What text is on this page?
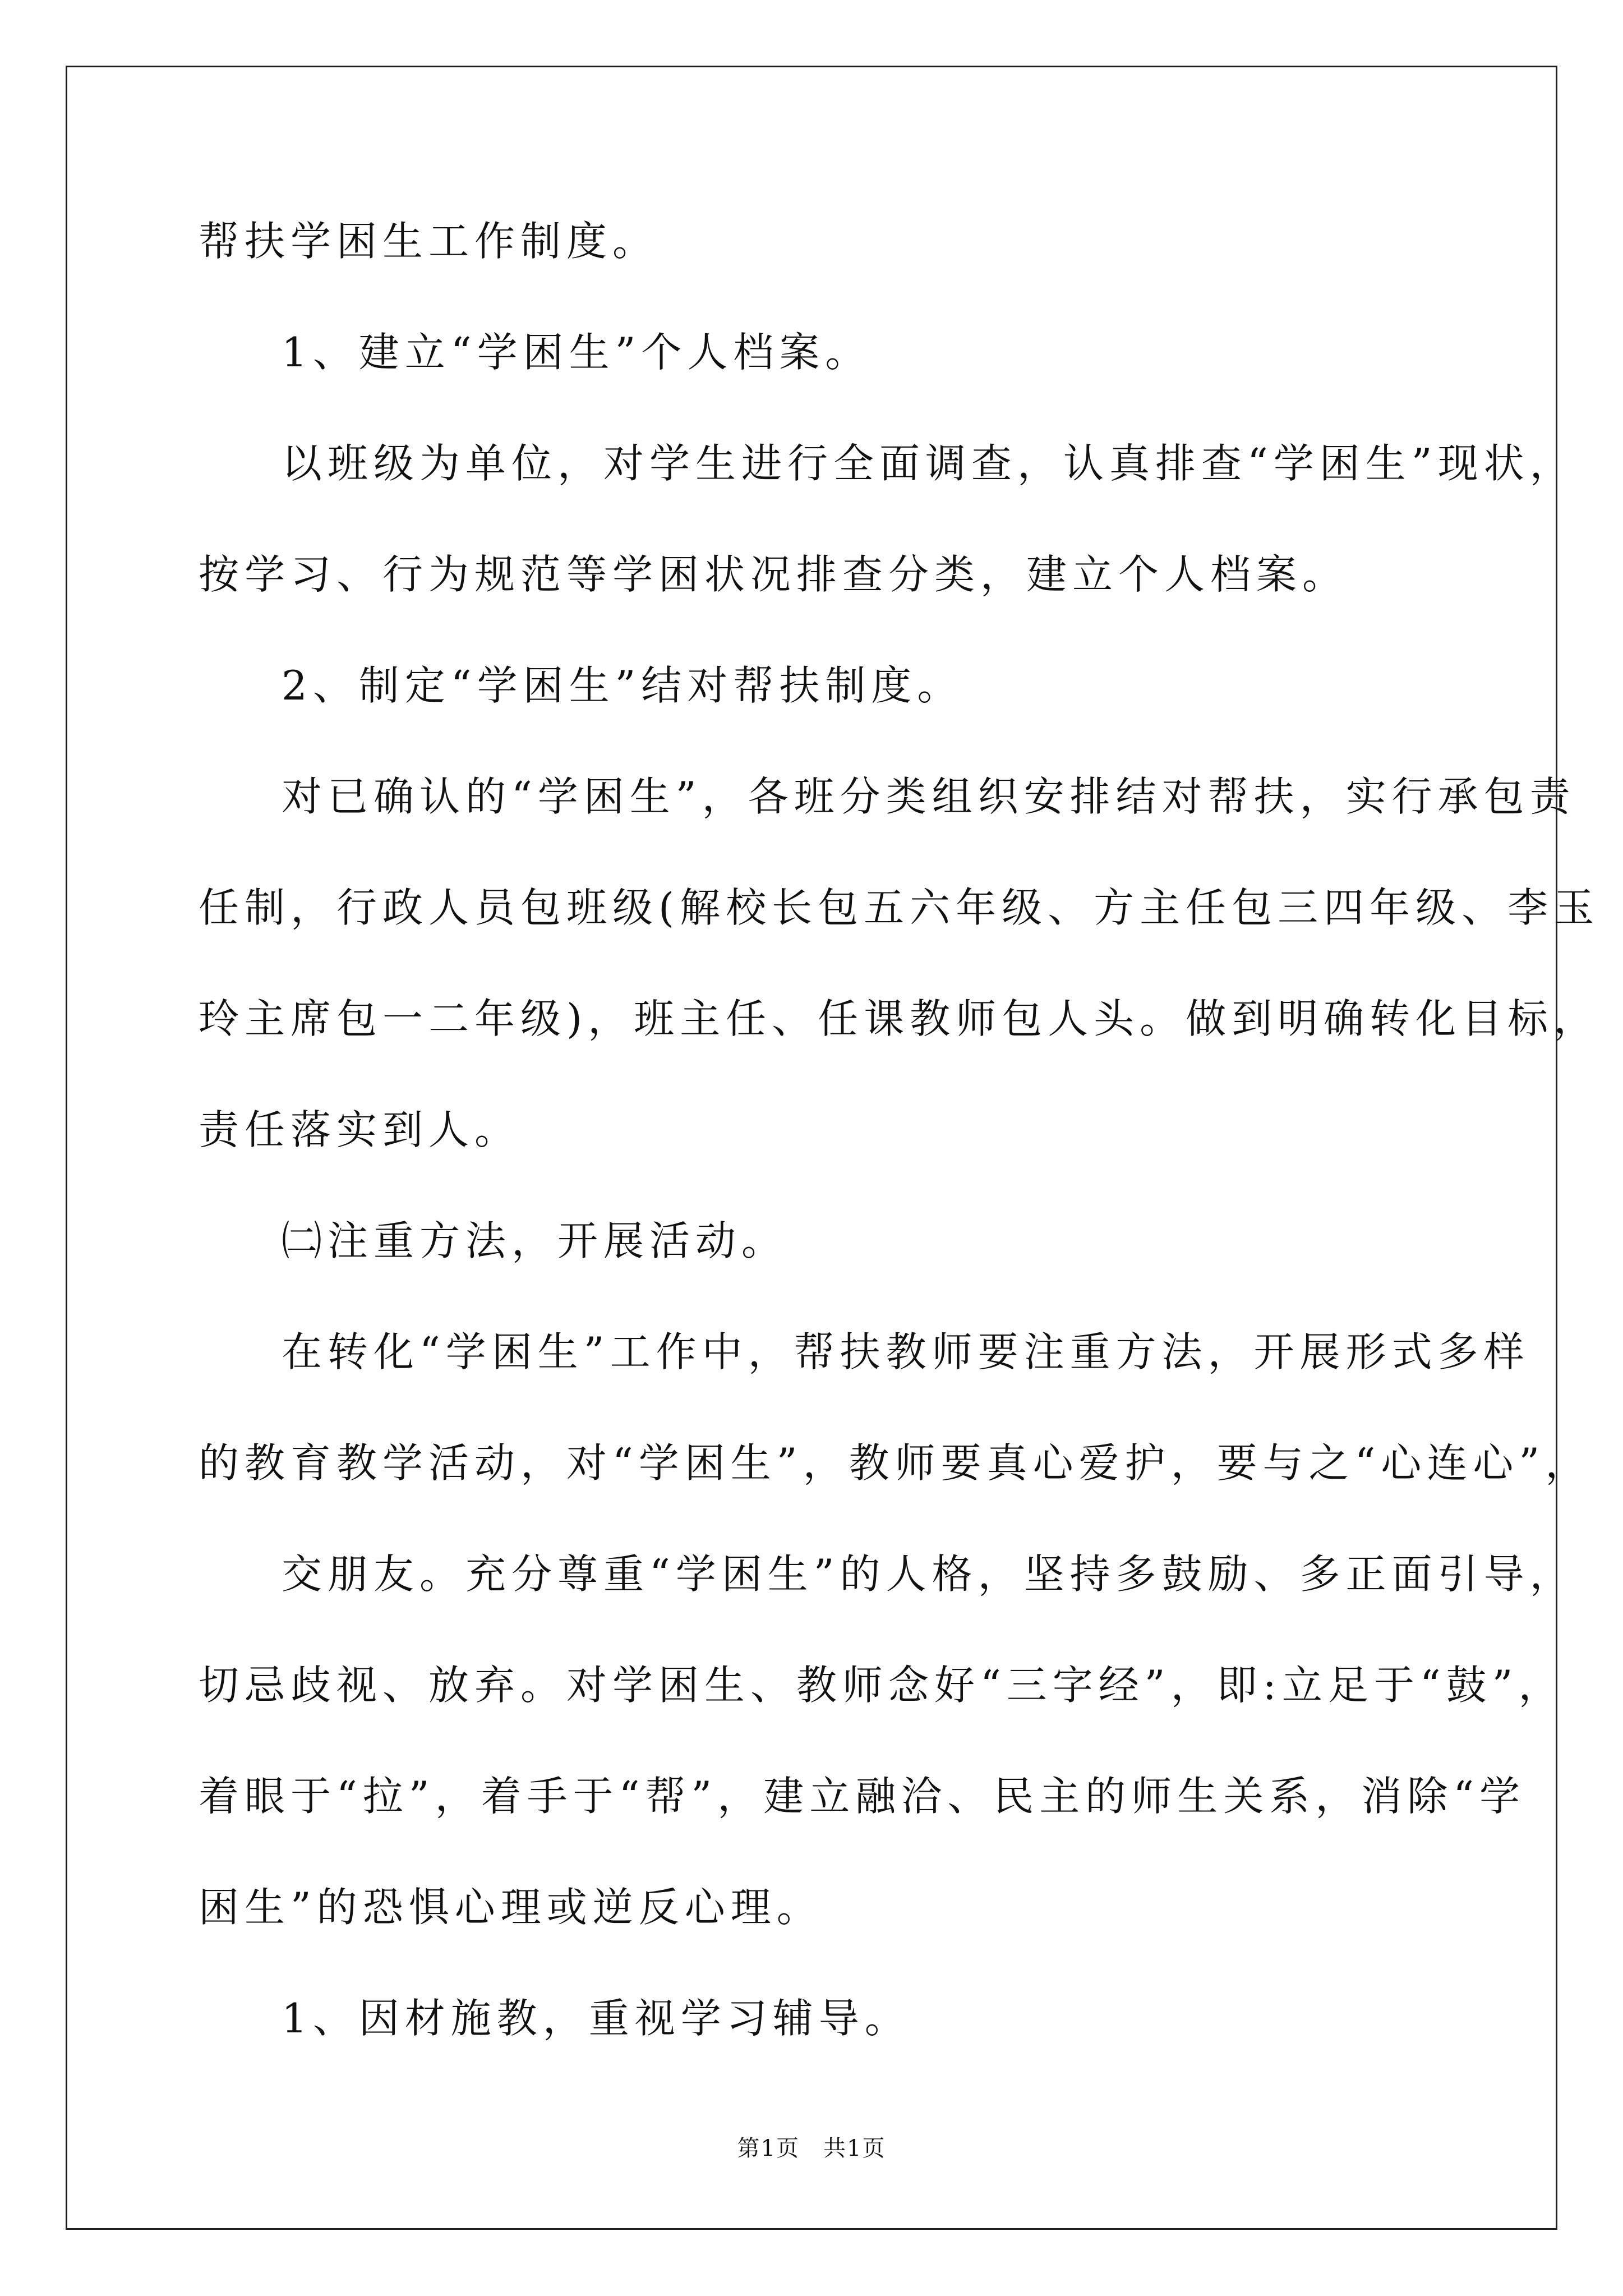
帮扶学困生工作制度。
1、建立“学困生”个人档案。
以班级为单位，对学生进行全面调查，认真排查“学困生”现状，
按学习、行为规范等学困状况排查分类，建立个人档案。
2、制定“学困生”结对帮扶制度。
对已确认的“学困生”，各班分类组织安排结对帮扶，实行承包责
任制，行政人员包班级(解校长包五六年级、方主任包三四年级、李玉
玲主席包一二年级)，班主任、任课教师包人头。做到明确转化目标，
责任落实到人。
㈡注重方法，开展活动。
在转化“学困生”工作中，帮扶教师要注重方法，开展形式多样
的教育教学活动，对“学困生”，教师要真心爱护，要与之“心连心”，
交朋友。充分尊重“学困生”的人格，坚持多鼓励、多正面引导，
切忌歧视、放弃。对学困生、教师念好“三字经”，即:立足于“鼓”，
着眼于“拉”，着手于“帮”，建立融洽、民主的师生关系，消除“学
困生”的恐惧心理或逆反心理。
1、因材施教，重视学习辅导。
第1页　共1页
